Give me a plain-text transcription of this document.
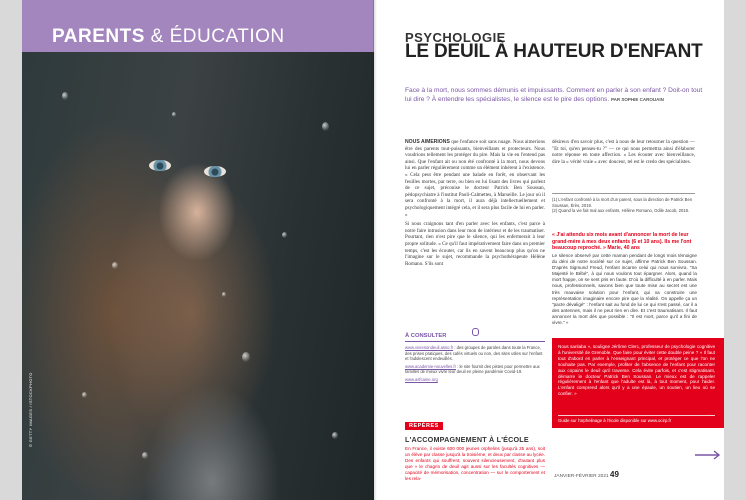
PARENTS & ÉDUCATION
© GETTY IMAGES / ISTOCKPHOTO
PSYCHOLOGIE
LE DEUIL À HAUTEUR D'ENFANT
Face à la mort, nous sommes démunis et impuissants. Comment en parler à son enfant ? Doit-on tout lui dire ? À entendre les spécialistes, le silence est le pire des options. PAR SOPHIE CAROUAIN

NOUS AIMERIONS que l'enfance soit sans nuage. Nous aimerions être des parents tout-puissants, bienveillants et protecteurs. Nous voudrions tellement les protéger du pire. Mais la vie en l'entend pas ainsi. Que l'enfant ait ou non été confronté à la mort, nous devons lui en parler régulièrement comme un élément inhérent à l'existence. « Cela peut être pendant une balade en forêt, en observant les feuilles mortes, par terre, ou bien en lui lisant des livres qui parlent de ce sujet, préconise le docteur Patrick Ben Soussan, pédopsychiatre à l'institut Paoli-Calmettes, à Marseille. Le jour où il sera confronté à la mort, il aura déjà intellectuellement et psychologiquement intégré cela, et il sera plus facile de lui en parler. »

Si nous craignons tant d'en parler avec les enfants, c'est parce à notre faire intrusion dans leur mon de intérieur et de les traumatiser. Pourtant, rien n'est pire que le silence, qui les enfermerait à leur propre solitude. « Ce qu'il faut impérativement faire dans un premier temps, c'est les écouter, car ils en savent beaucoup plus qu'on ne l'imagine sur le sujet, recommande la psychothérapeute Hélène Romano. S'ils sont

désireux d'en savoir plus, c'est à nous de leur retourner la question — "Et toi, qu'en penses-tu ?" — ce qui nous permettra ainsi d'élaborer notre réponse en toute affection. » Les écouter avec bienveillance, dire la « vérité vraie » avec douceur, tel est le credo des spécialistes.

(1) L'enfant confronté à la mort d'un parent, sous la direction de Patrick Ben Soussan, Érès, 2019.
(2) Quand la vie fait mal aux enfants, Hélène Romano, Odile Jacob, 2018.
« J'ai attendu six mois avant d'annoncer la mort de leur grand-mère à mes deux enfants (6 et 10 ans). Ils me l'ont beaucoup reproché. » Marie, 40 ans
Le silence observé par cette maman pendant de longs mois témoigne du déni de notre société sur ce sujet, affirme Patrick Ben Soussan. D'après Sigmund Freud, l'enfant incarne celui qui nous survivra. "Sa Majesté le Bébé", à qui nous voulons tout épargner. Alors, quand la mort frappe, on se sent pris en faute. D'où la difficulté à en parler. Mais nous, professionnels, savons bien que toute mise au secret est une très mauvaise solution pour l'enfant, qui va construire une représentation imaginaire encore pire que la réalité. On appelle ça un "pacte dévaligé" : l'enfant sait au fond de lui ce qui s'est passé, car il a des antennes, mais il ne peut rien en dire. Et c'est traumatisant. Il faut annoncer la mort dès que possible : "Il est mort, parce qu'il a fini de vivre." »
À CONSULTER
www.vivresondeuil.asso.fr : des groupes de paroles dans toute la France, des prises pratiques, des cafés virtuels ou non, des sites utiles sur l'enfant et l'adolescent endeuillés.
www.academie-nouvelles.fr : le site fournit des pistes pour permettre aux familles de mieux vivre leur deuil en pleine pandémie Covid-19.
www.asfcaine.org
Nous sanlaba », souligne Jérôme Clerc, professeur de psychologie cognitive à l'université de Grenoble. Que faire pour éviter cette double peine ? « Il faut tout d'abord en parler à l'enseignant principal, et protéger ce que l'on ne souhaite pas. Par exemple, profiter de l'absence de l'enfant pour raconter aux copains le deuil qu'il traverse. Cela évite parfois, et c'est stigmatisant, démarre le docteur Patrick Ben Soussan. Le mieux est de rappeler régulièrement à l'enfant que l'adulte est là, à tout moment, pour l'aider. L'enfant comprend alors qu'il y a une épaule, un soutien, un lieu où se confier. »
Guide sur l'orphelinage à l'école disponible sur www.ocirp.fr
REPÈRES
L'ACCOMPAGNEMENT À L'ÉCOLE
En France, il existe 600 000 jeunes orphelins (jusqu'à 25 ans), soit un élève par classe jusqu'à la troisième, et deux par classe au lycée. Des enfants qui souffrent, souvent silencieusement, d'autant plus que « le chagrin de deuil agit aussi sur les facultés cognitives — capacité de mémorisation, concentration — sur le comportement et les rela-	JANVIER-FÉVRIER 2021 49
